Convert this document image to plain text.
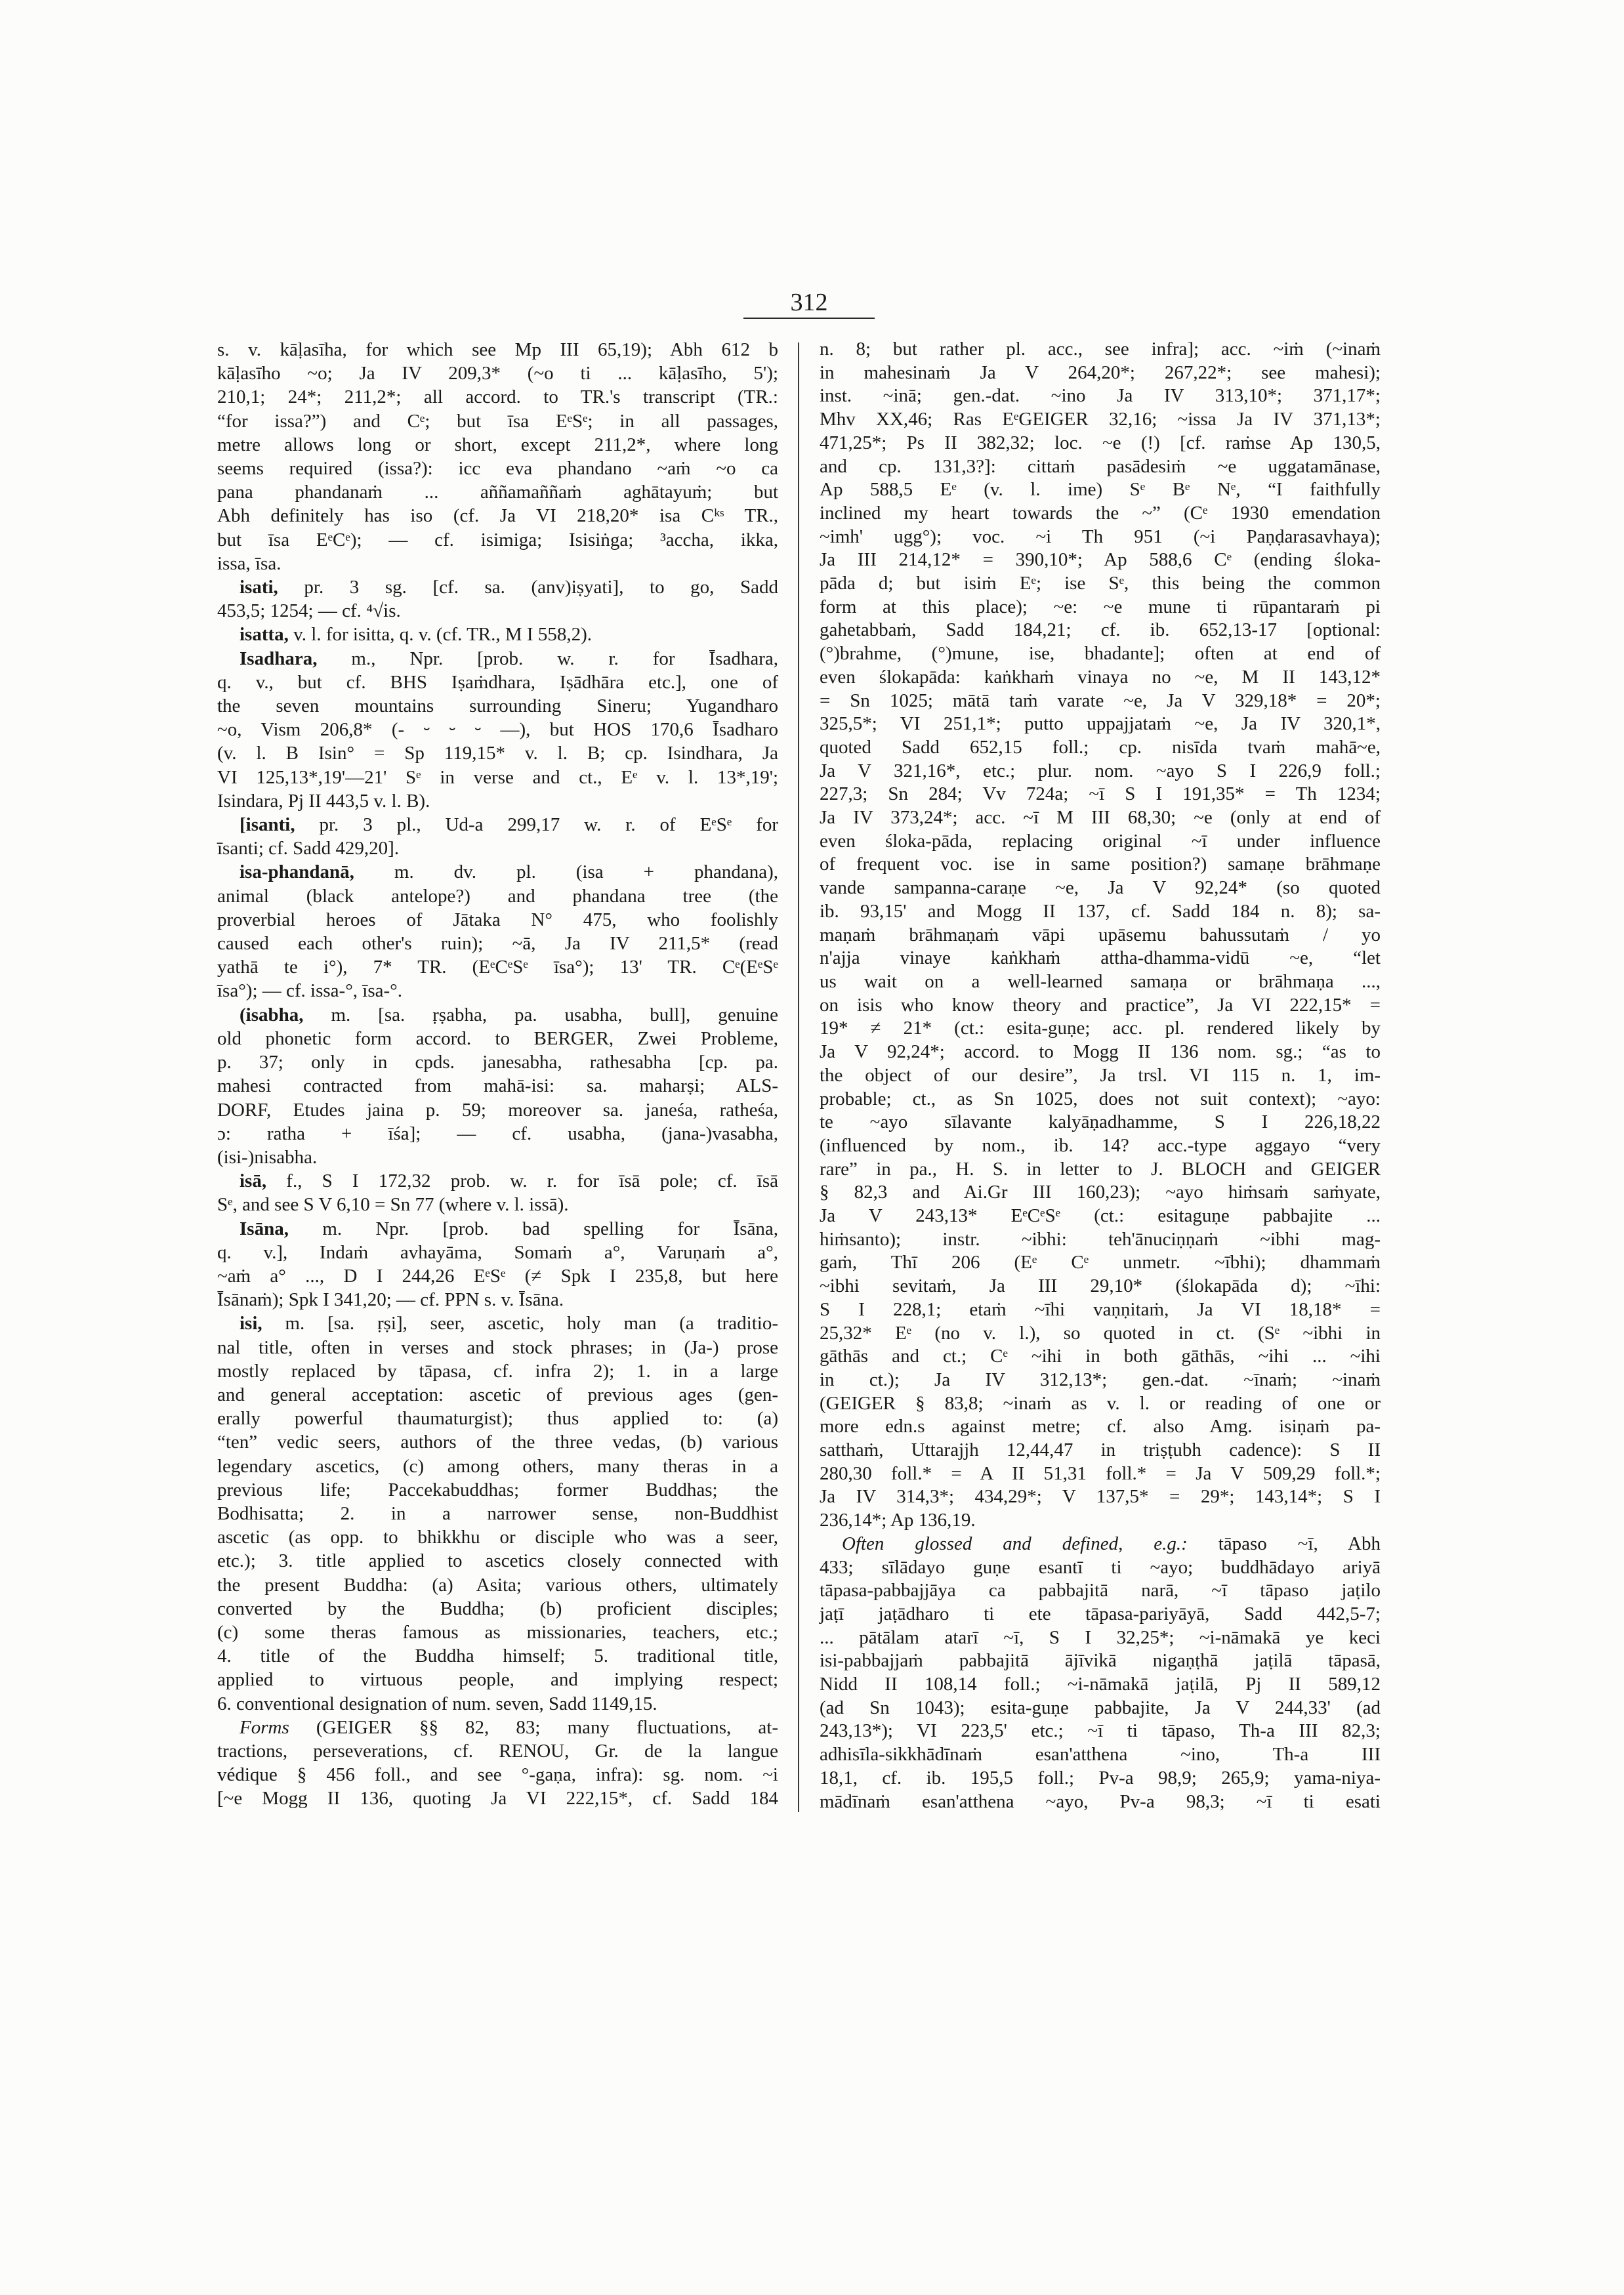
312
s. v. kāḷasīha, for which see Mp III 65,19); Abh 612 b
kāḷasīho ~o; Ja IV 209,3* (~o ti ... kāḷasīho, 5');
210,1; 24*; 211,2*; all accord. to TR.'s transcript (TR.:
“for issa?”) and Cᵉ; but īsa EᵉSᵉ; in all passages,
metre allows long or short, except 211,2*, where long
seems required (issa?): icc eva phandano ~aṁ ~o ca
pana phandanaṁ ... aññamaññaṁ aghātayuṁ; but
Abh definitely has iso (cf. Ja VI 218,20* isa Cᵏˢ TR.,
but īsa EᵉCᵉ); — cf. isimiga; Isisiṅga; ³accha, ikka,
issa, īsa.
isati, pr. 3 sg. [cf. sa. (anv)iṣyati], to go, Sadd
453,5; 1254; — cf. ⁴√is.
isatta, v. l. for isitta, q. v. (cf. TR., M I 558,2).
Isadhara, m., Npr. [prob. w. r. for Īsadhara,
q. v., but cf. BHS Iṣaṁdhara, Iṣādhāra etc.], one of
the seven mountains surrounding Sineru; Yugandharo
~o, Vism 206,8* (- ⏑ ⏑ ⏑ —), but HOS 170,6 Īsadharo
(v. l. B Isin° = Sp 119,15* v. l. B; cp. Isindhara, Ja
VI 125,13*,19'—21' Sᵉ in verse and ct., Eᵉ v. l. 13*,19';
Isindara, Pj II 443,5 v. l. B).
[isanti, pr. 3 pl., Ud-a 299,17 w. r. of EᵉSᵉ for
īsanti; cf. Sadd 429,20].
isa-phandanā, m. dv. pl. (isa + phandana),
animal (black antelope?) and phandana tree (the
proverbial heroes of Jātaka N° 475, who foolishly
caused each other's ruin); ~ā, Ja IV 211,5* (read
yathā te i°), 7* TR. (EᵉCᵉSᵉ īsa°); 13' TR. Cᵉ(EᵉSᵉ
īsa°); — cf. issa-°, īsa-°.
(isabha, m. [sa. ṛṣabha, pa. usabha, bull], genuine
old phonetic form accord. to BERGER, Zwei Probleme,
p. 37; only in cpds. janesabha, rathesabha [cp. pa.
mahesi contracted from mahā-isi: sa. maharṣi; ALS-
DORF, Etudes jaina p. 59; moreover sa. janeśa, ratheśa,
ɔ: ratha + īśa]; — cf. usabha, (jana-)vasabha,
(isi-)nisabha.
isā, f., S I 172,32 prob. w. r. for īsā pole; cf. īsā
Sᵉ, and see S V 6,10 = Sn 77 (where v. l. issā).
Isāna, m. Npr. [prob. bad spelling for Īsāna,
q. v.], Indaṁ avhayāma, Somaṁ a°, Varuṇaṁ a°,
~aṁ a° ..., D I 244,26 EᵉSᵉ (≠ Spk I 235,8, but here
Īsānaṁ); Spk I 341,20; — cf. PPN s. v. Īsāna.
isi, m. [sa. ṛṣi], seer, ascetic, holy man (a traditio-
nal title, often in verses and stock phrases; in (Ja-) prose
mostly replaced by tāpasa, cf. infra 2); 1. in a large
and general acceptation: ascetic of previous ages (gen-
erally powerful thaumaturgist); thus applied to: (a)
“ten” vedic seers, authors of the three vedas, (b) various
legendary ascetics, (c) among others, many theras in a
previous life; Paccekabuddhas; former Buddhas; the
Bodhisatta; 2. in a narrower sense, non-Buddhist
ascetic (as opp. to bhikkhu or disciple who was a seer,
etc.); 3. title applied to ascetics closely connected with
the present Buddha: (a) Asita; various others, ultimately
converted by the Buddha; (b) proficient disciples;
(c) some theras famous as missionaries, teachers, etc.;
4. title of the Buddha himself; 5. traditional title,
applied to virtuous people, and implying respect;
6. conventional designation of num. seven, Sadd 1149,15.
Forms (GEIGER §§ 82, 83; many fluctuations, at-
tractions, perseverations, cf. RENOU, Gr. de la langue
védique § 456 foll., and see °-gaṇa, infra): sg. nom. ~i
[~e Mogg II 136, quoting Ja VI 222,15*, cf. Sadd 184
n. 8; but rather pl. acc., see infra]; acc. ~iṁ (~inaṁ
in mahesinaṁ Ja V 264,20*; 267,22*; see mahesi);
inst. ~inā; gen.-dat. ~ino Ja IV 313,10*; 371,17*;
Mhv XX,46; Ras EᵉGEIGER 32,16; ~issa Ja IV 371,13*;
471,25*; Ps II 382,32; loc. ~e (!) [cf. raṁse Ap 130,5,
and cp. 131,3?]: cittaṁ pasādesiṁ ~e uggatamānase,
Ap 588,5 Eᵉ (v. l. ime) Sᵉ Bᵉ Nᵉ, “I faithfully
inclined my heart towards the ~” (Cᵉ 1930 emendation
~imh' ugg°); voc. ~i Th 951 (~i Paṇḍarasavhaya);
Ja III 214,12* = 390,10*; Ap 588,6 Cᵉ (ending śloka-
pāda d; but isiṁ Eᵉ; ise Sᵉ, this being the common
form at this place); ~e: ~e mune ti rūpantaraṁ pi
gahetabbaṁ, Sadd 184,21; cf. ib. 652,13-17 [optional:
(°)brahme, (°)mune, ise, bhadante]; often at end of
even ślokapāda: kaṅkhaṁ vinaya no ~e, M II 143,12*
= Sn 1025; mātā taṁ varate ~e, Ja V 329,18* = 20*;
325,5*; VI 251,1*; putto uppajjataṁ ~e, Ja IV 320,1*,
quoted Sadd 652,15 foll.; cp. nisīda tvaṁ mahā~e,
Ja V 321,16*, etc.; plur. nom. ~ayo S I 226,9 foll.;
227,3; Sn 284; Vv 724a; ~ī S I 191,35* = Th 1234;
Ja IV 373,24*; acc. ~ī M III 68,30; ~e (only at end of
even śloka-pāda, replacing original ~ī under influence
of frequent voc. ise in same position?) samaṇe brāhmaṇe
vande sampanna-caraṇe ~e, Ja V 92,24* (so quoted
ib. 93,15' and Mogg II 137, cf. Sadd 184 n. 8); sa-
maṇaṁ brāhmaṇaṁ vāpi upāsemu bahussutaṁ / yo
n'ajja vinaye kaṅkhaṁ attha-dhamma-vidū ~e, “let
us wait on a well-learned samaṇa or brāhmaṇa ...,
on isis who know theory and practice”, Ja VI 222,15* =
19* ≠ 21* (ct.: esita-guṇe; acc. pl. rendered likely by
Ja V 92,24*; accord. to Mogg II 136 nom. sg.; “as to
the object of our desire”, Ja trsl. VI 115 n. 1, im-
probable; ct., as Sn 1025, does not suit context); ~ayo:
te ~ayo sīlavante kalyāṇadhamme, S I 226,18,22
(influenced by nom., ib. 14? acc.-type aggayo “very
rare” in pa., H. S. in letter to J. BLOCH and GEIGER
§ 82,3 and Ai.Gr III 160,23); ~ayo hiṁsaṁ saṁyate,
Ja V 243,13* EᵉCᵉSᵉ (ct.: esitaguṇe pabbajite ...
hiṁsanto); instr. ~ibhi: teh'ānuciṇṇaṁ ~ibhi mag-
gaṁ, Thī 206 (Eᵉ Cᵉ unmetr. ~ībhi); dhammaṁ
~ibhi sevitaṁ, Ja III 29,10* (ślokapāda d); ~īhi:
S I 228,1; etaṁ ~īhi vaṇṇitaṁ, Ja VI 18,18* =
25,32* Eᵉ (no v. l.), so quoted in ct. (Sᵉ ~ibhi in
gāthās and ct.; Cᵉ ~ihi in both gāthās, ~ihi ... ~ihi
in ct.); Ja IV 312,13*; gen.-dat. ~īnaṁ; ~inaṁ
(GEIGER § 83,8; ~inaṁ as v. l. or reading of one or
more edn.s against metre; cf. also Amg. isiṇaṁ pa-
satthaṁ, Uttarajjh 12,44,47 in triṣṭubh cadence): S II
280,30 foll.* = A II 51,31 foll.* = Ja V 509,29 foll.*;
Ja IV 314,3*; 434,29*; V 137,5* = 29*; 143,14*; S I
236,14*; Ap 136,19.
Often glossed and defined, e.g.: tāpaso ~ī, Abh
433; sīlādayo guṇe esantī ti ~ayo; buddhādayo ariyā
tāpasa-pabbajjāya ca pabbajitā narā, ~ī tāpaso jaṭilo
jaṭī jaṭādharo ti ete tāpasa-pariyāyā, Sadd 442,5-7;
... pātālam atarī ~ī, S I 32,25*; ~i-nāmakā ye keci
isi-pabbajjaṁ pabbajitā ājīvikā nigaṇṭhā jaṭilā tāpasā,
Nidd II 108,14 foll.; ~i-nāmakā jaṭilā, Pj II 589,12
(ad Sn 1043); esita-guṇe pabbajite, Ja V 244,33' (ad
243,13*); VI 223,5' etc.; ~ī ti tāpaso, Th-a III 82,3;
adhisīla-sikkhādīnaṁ esan'atthena ~ino, Th-a III
18,1, cf. ib. 195,5 foll.; Pv-a 98,9; 265,9; yama-niya-
mādīnaṁ esan'atthena ~ayo, Pv-a 98,3; ~ī ti esati
